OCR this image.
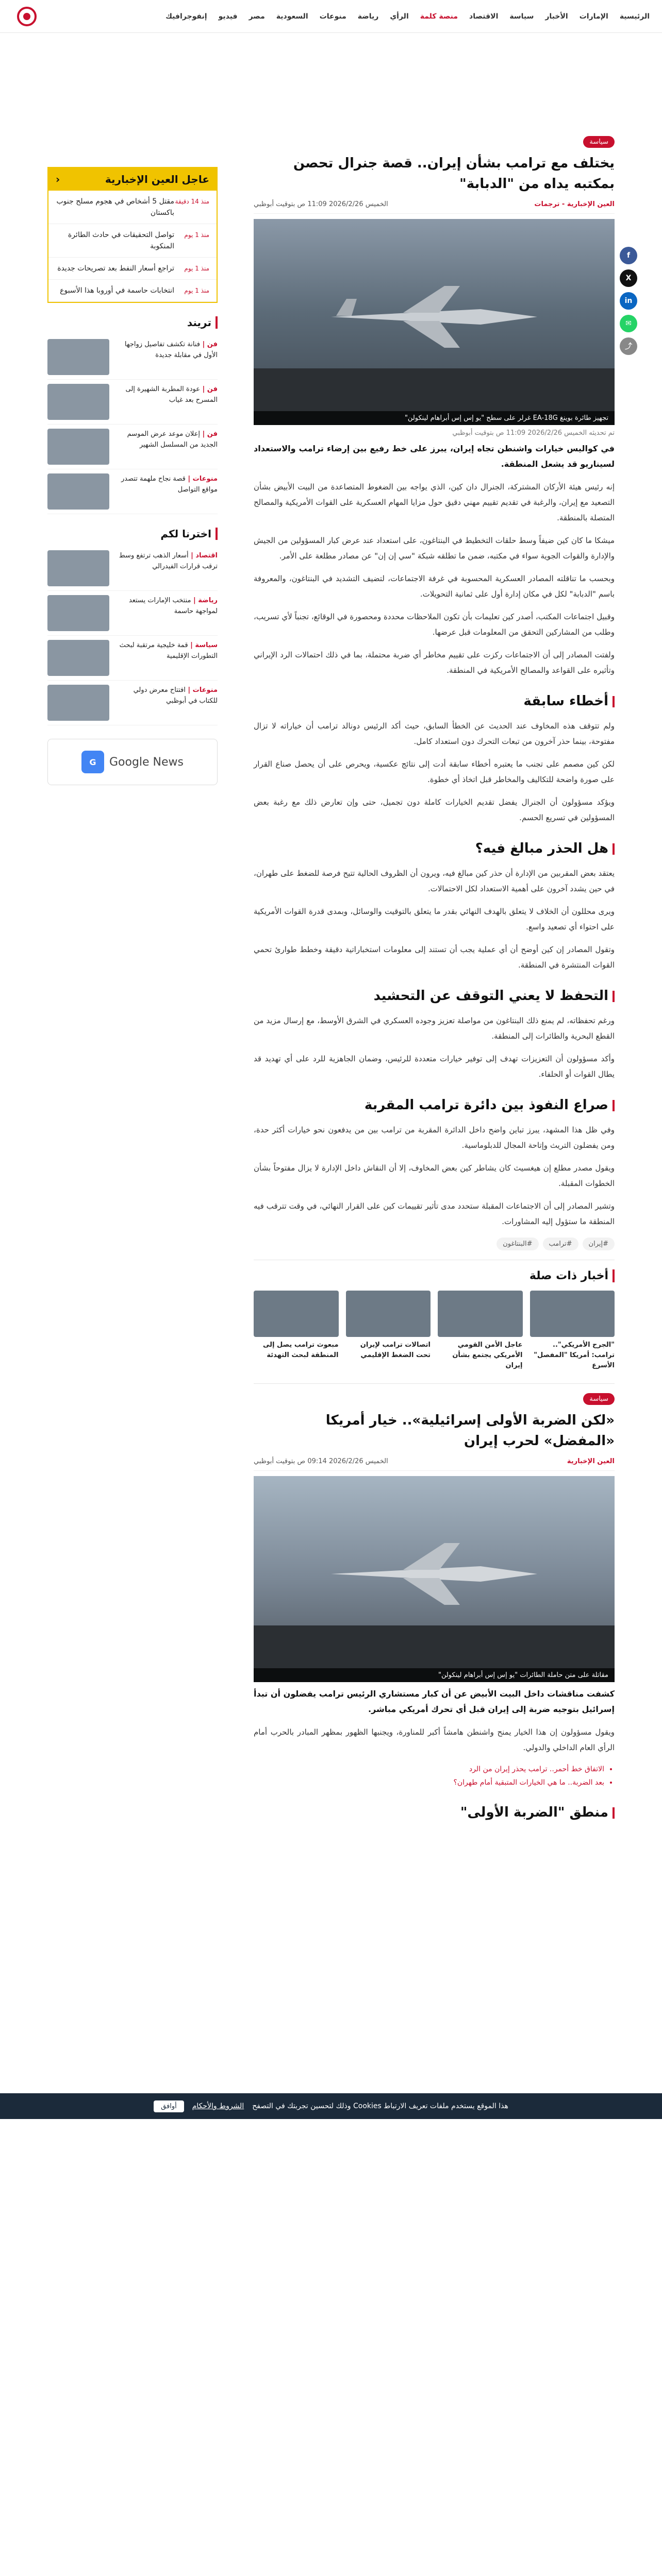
الرئيسية
الإمارات
الأخبار
سياسة
الاقتصاد
منصة كلمة
الرأي
رياضة
منوعات
السعودية
مصر
فيديو
إنفوجرافيك
f
X
in
✉
⤴
سياسة
يختلف مع ترامب بشأن إيران.. قصة جنرال تحصن بمكتبه يداه من "الدبابة"
العين الإخبارية - ترجمات
الخميس 2026/2/26 11:09 ص بتوقيت أبوظبي
تجهيز طائرة بوينغ EA-18G غرلر على سطح "يو إس إس أبراهام لينكولن"
تم تحديثه الخميس 2026/2/26 11:09 ص بتوقيت أبوظبي

في كواليس خيارات واشنطن تجاه إيران، يبرز على خط رفيع بين إرضاء ترامب والاستعداد لسيناريو قد يشعل المنطقة.

إنه رئيس هيئة الأركان المشتركة، الجنرال دان كين، الذي يواجه بين الضغوط المتصاعدة من البيت الأبيض بشأن التصعيد مع إيران، والرغبة في تقديم تقييم مهني دقيق حول مزايا المهام العسكرية على القوات الأمريكية والمصالح المتصلة بالمنطقة.

ميشكا ما كان كين ضيفاً وسط حلقات التخطيط في البنتاغون، على استعداد عند عرض كبار المسؤولين من الجيش والإدارة والقوات الجوية سواء في مكتبه، ضمن ما تطلقه شبكة "سي إن إن" عن مصادر مطلعة على الأمر.

وبحسب ما تناقلته المصادر العسكرية المحسوبة في غرفة الاجتماعات، لتضيف التشديد في البنتاغون، والمعروفة باسم "الدبابة" لكل في مكان إدارة أول على ثمانية التحويلات.

وقبيل اجتماعات المكتب، أصدر كين تعليمات بأن تكون الملاحظات محددة ومحصورة في الوقائع، تجنباً لأي تسريب، وطلب من المشاركين التحقق من المعلومات قبل عرضها.

ولفتت المصادر إلى أن الاجتماعات ركزت على تقييم مخاطر أي ضربة محتملة، بما في ذلك احتمالات الرد الإيراني وتأثيره على القواعد والمصالح الأمريكية في المنطقة.

أخطاء سابقة

ولم تتوقف هذه المخاوف عند الحديث عن الخطأ السابق، حيث أكد الرئيس دونالد ترامب أن خياراته لا تزال مفتوحة، بينما حذر آخرون من تبعات التحرك دون استعداد كامل.

لكن كين مصمم على تجنب ما يعتبره أخطاء سابقة أدت إلى نتائج عكسية، ويحرص على أن يحصل صناع القرار على صورة واضحة للتكاليف والمخاطر قبل اتخاذ أي خطوة.

ويؤكد مسؤولون أن الجنرال يفضل تقديم الخيارات كاملة دون تجميل، حتى وإن تعارض ذلك مع رغبة بعض المسؤولين في تسريع الحسم.

هل الحذر مبالغ فيه؟

يعتقد بعض المقربين من الإدارة أن حذر كين مبالغ فيه، ويرون أن الظروف الحالية تتيح فرصة للضغط على طهران، في حين يشدد آخرون على أهمية الاستعداد لكل الاحتمالات.

ويرى محللون أن الخلاف لا يتعلق بالهدف النهائي بقدر ما يتعلق بالتوقيت والوسائل، وبمدى قدرة القوات الأمريكية على احتواء أي تصعيد واسع.

وتقول المصادر إن كين أوضح أن أي عملية يجب أن تستند إلى معلومات استخباراتية دقيقة وخطط طوارئ تحمي القوات المنتشرة في المنطقة.

التحفظ لا يعني التوقف عن التحشيد

ورغم تحفظاته، لم يمنع ذلك البنتاغون من مواصلة تعزيز وجوده العسكري في الشرق الأوسط، مع إرسال مزيد من القطع البحرية والطائرات إلى المنطقة.

وأكد مسؤولون أن التعزيزات تهدف إلى توفير خيارات متعددة للرئيس، وضمان الجاهزية للرد على أي تهديد قد يطال القوات أو الحلفاء.

صراع النفوذ بين دائرة ترامب المقربة

وفي ظل هذا المشهد، يبرز تباين واضح داخل الدائرة المقربة من ترامب بين من يدفعون نحو خيارات أكثر حدة، ومن يفضلون التريث وإتاحة المجال للدبلوماسية.

ويقول مصدر مطلع إن هيغسيث كان يشاطر كين بعض المخاوف، إلا أن النقاش داخل الإدارة لا يزال مفتوحاً بشأن الخطوات المقبلة.

وتشير المصادر إلى أن الاجتماعات المقبلة ستحدد مدى تأثير تقييمات كين على القرار النهائي، في وقت تترقب فيه المنطقة ما ستؤول إليه المشاورات.

#إيران
#ترامب
#البنتاغون
أخبار ذات صلة
"الجرح الأمريكي".. ترامب: أمريكا "المفصل" الأسرع
عاجل الأمن القومي الأمريكي يجتمع بشأن إيران
اتصالات ترامب لإيران تحت الضغط الإقليمي
مبعوث ترامب يصل إلى المنطقة لبحث التهدئة
سياسة
«لكن الضربة الأولى إسرائيلية».. خيار أمريكا «المفضل» لحرب إيران
العين الإخبارية
الخميس 2026/2/26 09:14 ص بتوقيت أبوظبي
مقاتلة على متن حاملة الطائرات "يو إس إس أبراهام لينكولن"

كشفت مناقشات داخل البيت الأبيض عن أن كبار مستشاري الرئيس ترامب يفضلون أن تبدأ إسرائيل بتوجيه ضربة إلى إيران قبل أي تحرك أمريكي مباشر.

ويقول مسؤولون إن هذا الخيار يمنح واشنطن هامشاً أكبر للمناورة، ويجنبها الظهور بمظهر المبادر بالحرب أمام الرأي العام الداخلي والدولي.

• الاتفاق خط أحمر.. ترامب يحذر إيران من الرد
• بعد الضربة.. ما هي الخيارات المتبقية أمام طهران؟
منطق "الضربة الأولى"
عاجل العين الإخبارية
‹
منذ 14 دقيقة
مقتل 5 أشخاص في هجوم مسلح جنوب باكستان
منذ 1 يوم
تواصل التحقيقات في حادث الطائرة المنكوبة
منذ 1 يوم
تراجع أسعار النفط بعد تصريحات جديدة
منذ 1 يوم
انتخابات حاسمة في أوروبا هذا الأسبوع
تريند
فن | فنانة تكشف تفاصيل زواجها الأول في مقابلة جديدة
فن | عودة المطربة الشهيرة إلى المسرح بعد غياب
فن | إعلان موعد عرض الموسم الجديد من المسلسل الشهير
منوعات | قصة نجاح ملهمة تتصدر مواقع التواصل
اخترنا لكم
اقتصاد | أسعار الذهب ترتفع وسط ترقب قرارات الفيدرالي
رياضة | منتخب الإمارات يستعد لمواجهة حاسمة
سياسة | قمة خليجية مرتقبة لبحث التطورات الإقليمية
منوعات | افتتاح معرض دولي للكتاب في أبوظبي
Google News
G
هذا الموقع يستخدم ملفات تعريف الارتباط Cookies وذلك لتحسين تجربتك في التصفح
الشروط والأحكام
أوافق
